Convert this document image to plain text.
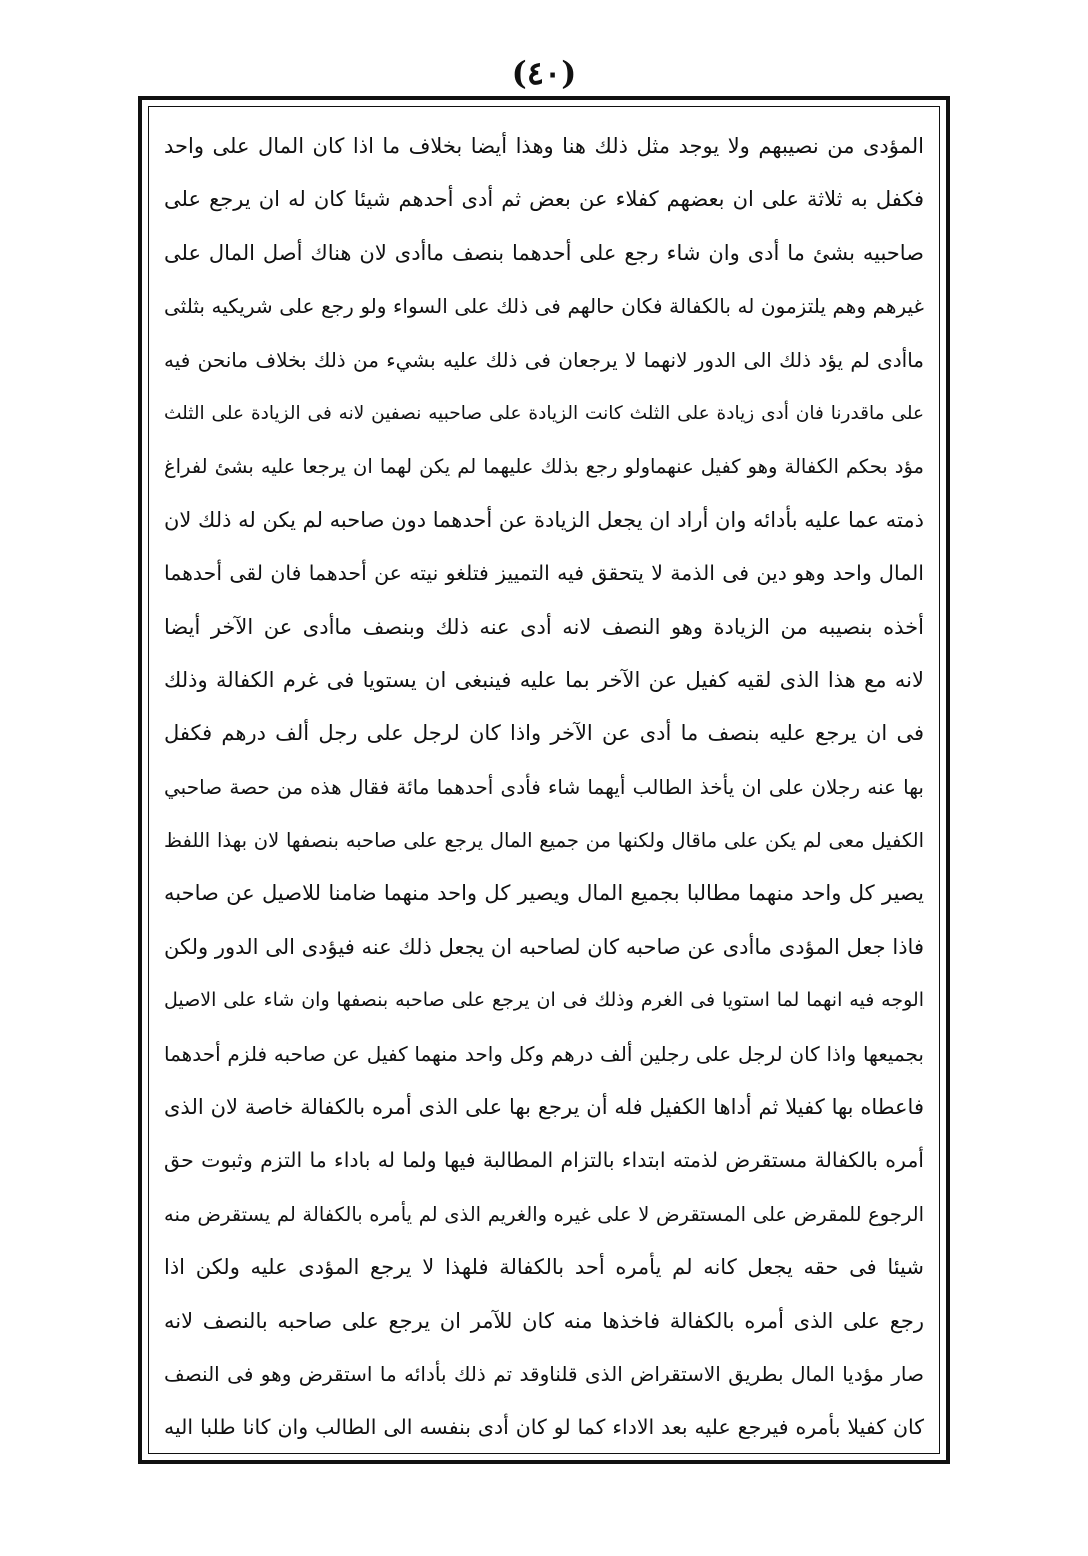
(٤٠)
المؤدى من نصيبهم ولا يوجد مثل ذلك هنا وهذا أيضا بخلاف ما اذا كان المال على واحد
فكفل به ثلاثة على ان بعضهم كفلاء عن بعض ثم أدى أحدهم شيئا كان له ان يرجع على
صاحبيه بشئ ما أدى وان شاء رجع على أحدهما بنصف ماأدى لان هناك أصل المال على
غيرهم وهم يلتزمون له بالكفالة فكان حالهم فى ذلك على السواء ولو رجع على شريكيه بثلثى
ماأدى لم يؤد ذلك الى الدور لانهما لا يرجعان فى ذلك عليه بشيء من ذلك بخلاف مانحن فيه
على ماقدرنا فان أدى زيادة على الثلث كانت الزيادة على صاحبيه نصفين لانه فى الزيادة على الثلث
مؤد بحكم الكفالة وهو كفيل عنهماولو رجع بذلك عليهما لم يكن لهما ان يرجعا عليه بشئ لفراغ
ذمته عما عليه بأدائه وان أراد ان يجعل الزيادة عن أحدهما دون صاحبه لم يكن له ذلك لان
المال واحد وهو دين فى الذمة لا يتحقق فيه التمييز فتلغو نيته عن أحدهما فان لقى أحدهما
أخذه بنصيبه من الزيادة وهو النصف لانه أدى عنه ذلك وبنصف ماأدى عن الآخر أيضا
لانه مع هذا الذى لقيه كفيل عن الآخر بما عليه فينبغى ان يستويا فى غرم الكفالة وذلك
فى ان يرجع عليه بنصف ما أدى عن الآخر واذا كان لرجل على رجل ألف درهم فكفل
بها عنه رجلان على ان يأخذ الطالب أيهما شاء فأدى أحدهما مائة فقال هذه من حصة صاحبي
الكفيل معى لم يكن على ماقال ولكنها من جميع المال يرجع على صاحبه بنصفها لان بهذا اللفظ
يصير كل واحد منهما مطالبا بجميع المال ويصير كل واحد منهما ضامنا للاصيل عن صاحبه
فاذا جعل المؤدى ماأدى عن صاحبه كان لصاحبه ان يجعل ذلك عنه فيؤدى الى الدور ولكن
الوجه فيه انهما لما استويا فى الغرم وذلك فى ان يرجع على صاحبه بنصفها وان شاء على الاصيل
بجميعها واذا كان لرجل على رجلين ألف درهم وكل واحد منهما كفيل عن صاحبه فلزم أحدهما
فاعطاه بها كفيلا ثم أداها الكفيل فله أن يرجع بها على الذى أمره بالكفالة خاصة لان الذى
أمره بالكفالة مستقرض لذمته ابتداء بالتزام المطالبة فيها ولما له باداء ما التزم وثبوت حق
الرجوع للمقرض على المستقرض لا على غيره والغريم الذى لم يأمره بالكفالة لم يستقرض منه
شيئا فى حقه يجعل كانه لم يأمره أحد بالكفالة فلهذا لا يرجع المؤدى عليه ولكن اذا
رجع على الذى أمره بالكفالة فاخذها منه كان للآمر ان يرجع على صاحبه بالنصف لانه
صار مؤديا المال بطريق الاستقراض الذى قلناوقد تم ذلك بأدائه ما استقرض وهو فى النصف
كان كفيلا بأمره فيرجع عليه بعد الاداء كما لو كان أدى بنفسه الى الطالب وان كانا طلبا اليه
